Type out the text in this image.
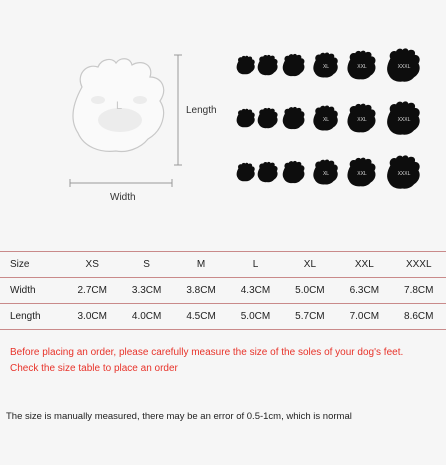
XL	XXL	XXXL
XL	XXL	XXXL
XL	XXL	XXXL
L	Length
Width
Size	XS	S	M	L	XL	XXL	XXXL
Width	2.7CM	3.3CM	3.8CM	4.3CM	5.0CM	6.3CM	7.8CM
Length	3.0CM	4.0CM	4.5CM	5.0CM	5.7CM	7.0CM	8.6CM
Before placing an order, please carefully measure the size of the soles of your dog's feet.
Check the size table to place an order
The size is manually measured, there may be an error of 0.5-1cm, which is normal
